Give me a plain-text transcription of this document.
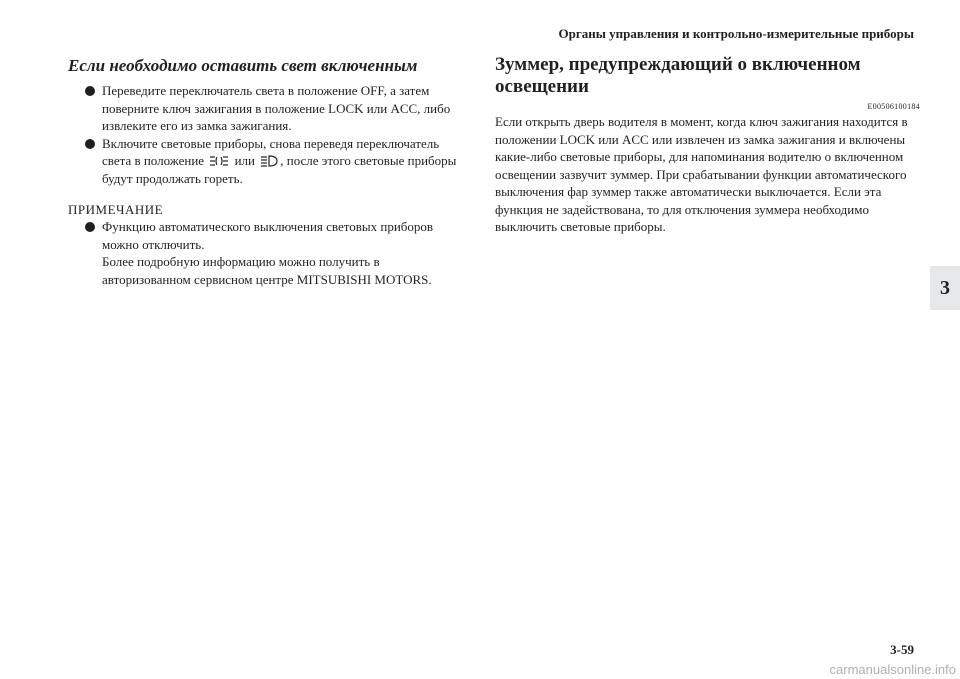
Органы управления и контрольно-измерительные приборы
Если необходимо оставить свет включенным
Переведите переключатель света в положение OFF, а затем поверните ключ зажигания в положение LOCK или ACC, либо извлеките его из замка зажигания.
Включите световые приборы, снова переведя переключатель света в положение или , после этого световые приборы будут продолжать гореть.
ПРИМЕЧАНИЕ
Функцию автоматического выключения световых приборов можно отключить.
Более подробную информацию можно получить в авторизованном сервисном центре MITSUBISHI MOTORS.
Зуммер, предупреждающий о включенном освещении
E00506100184
Если открыть дверь водителя в момент, когда ключ зажигания находится в положении LOCK или ACC или извлечен из замка зажигания и включены какие-либо световые приборы, для напоминания водителю о включенном освещении зазвучит зуммер. При срабатывании функции автоматического выключения фар зуммер также автоматически выключается. Если эта функция не задействована, то для отключения зуммера необходимо выключить световые приборы.
3
3-59
carmanualsonline.info
